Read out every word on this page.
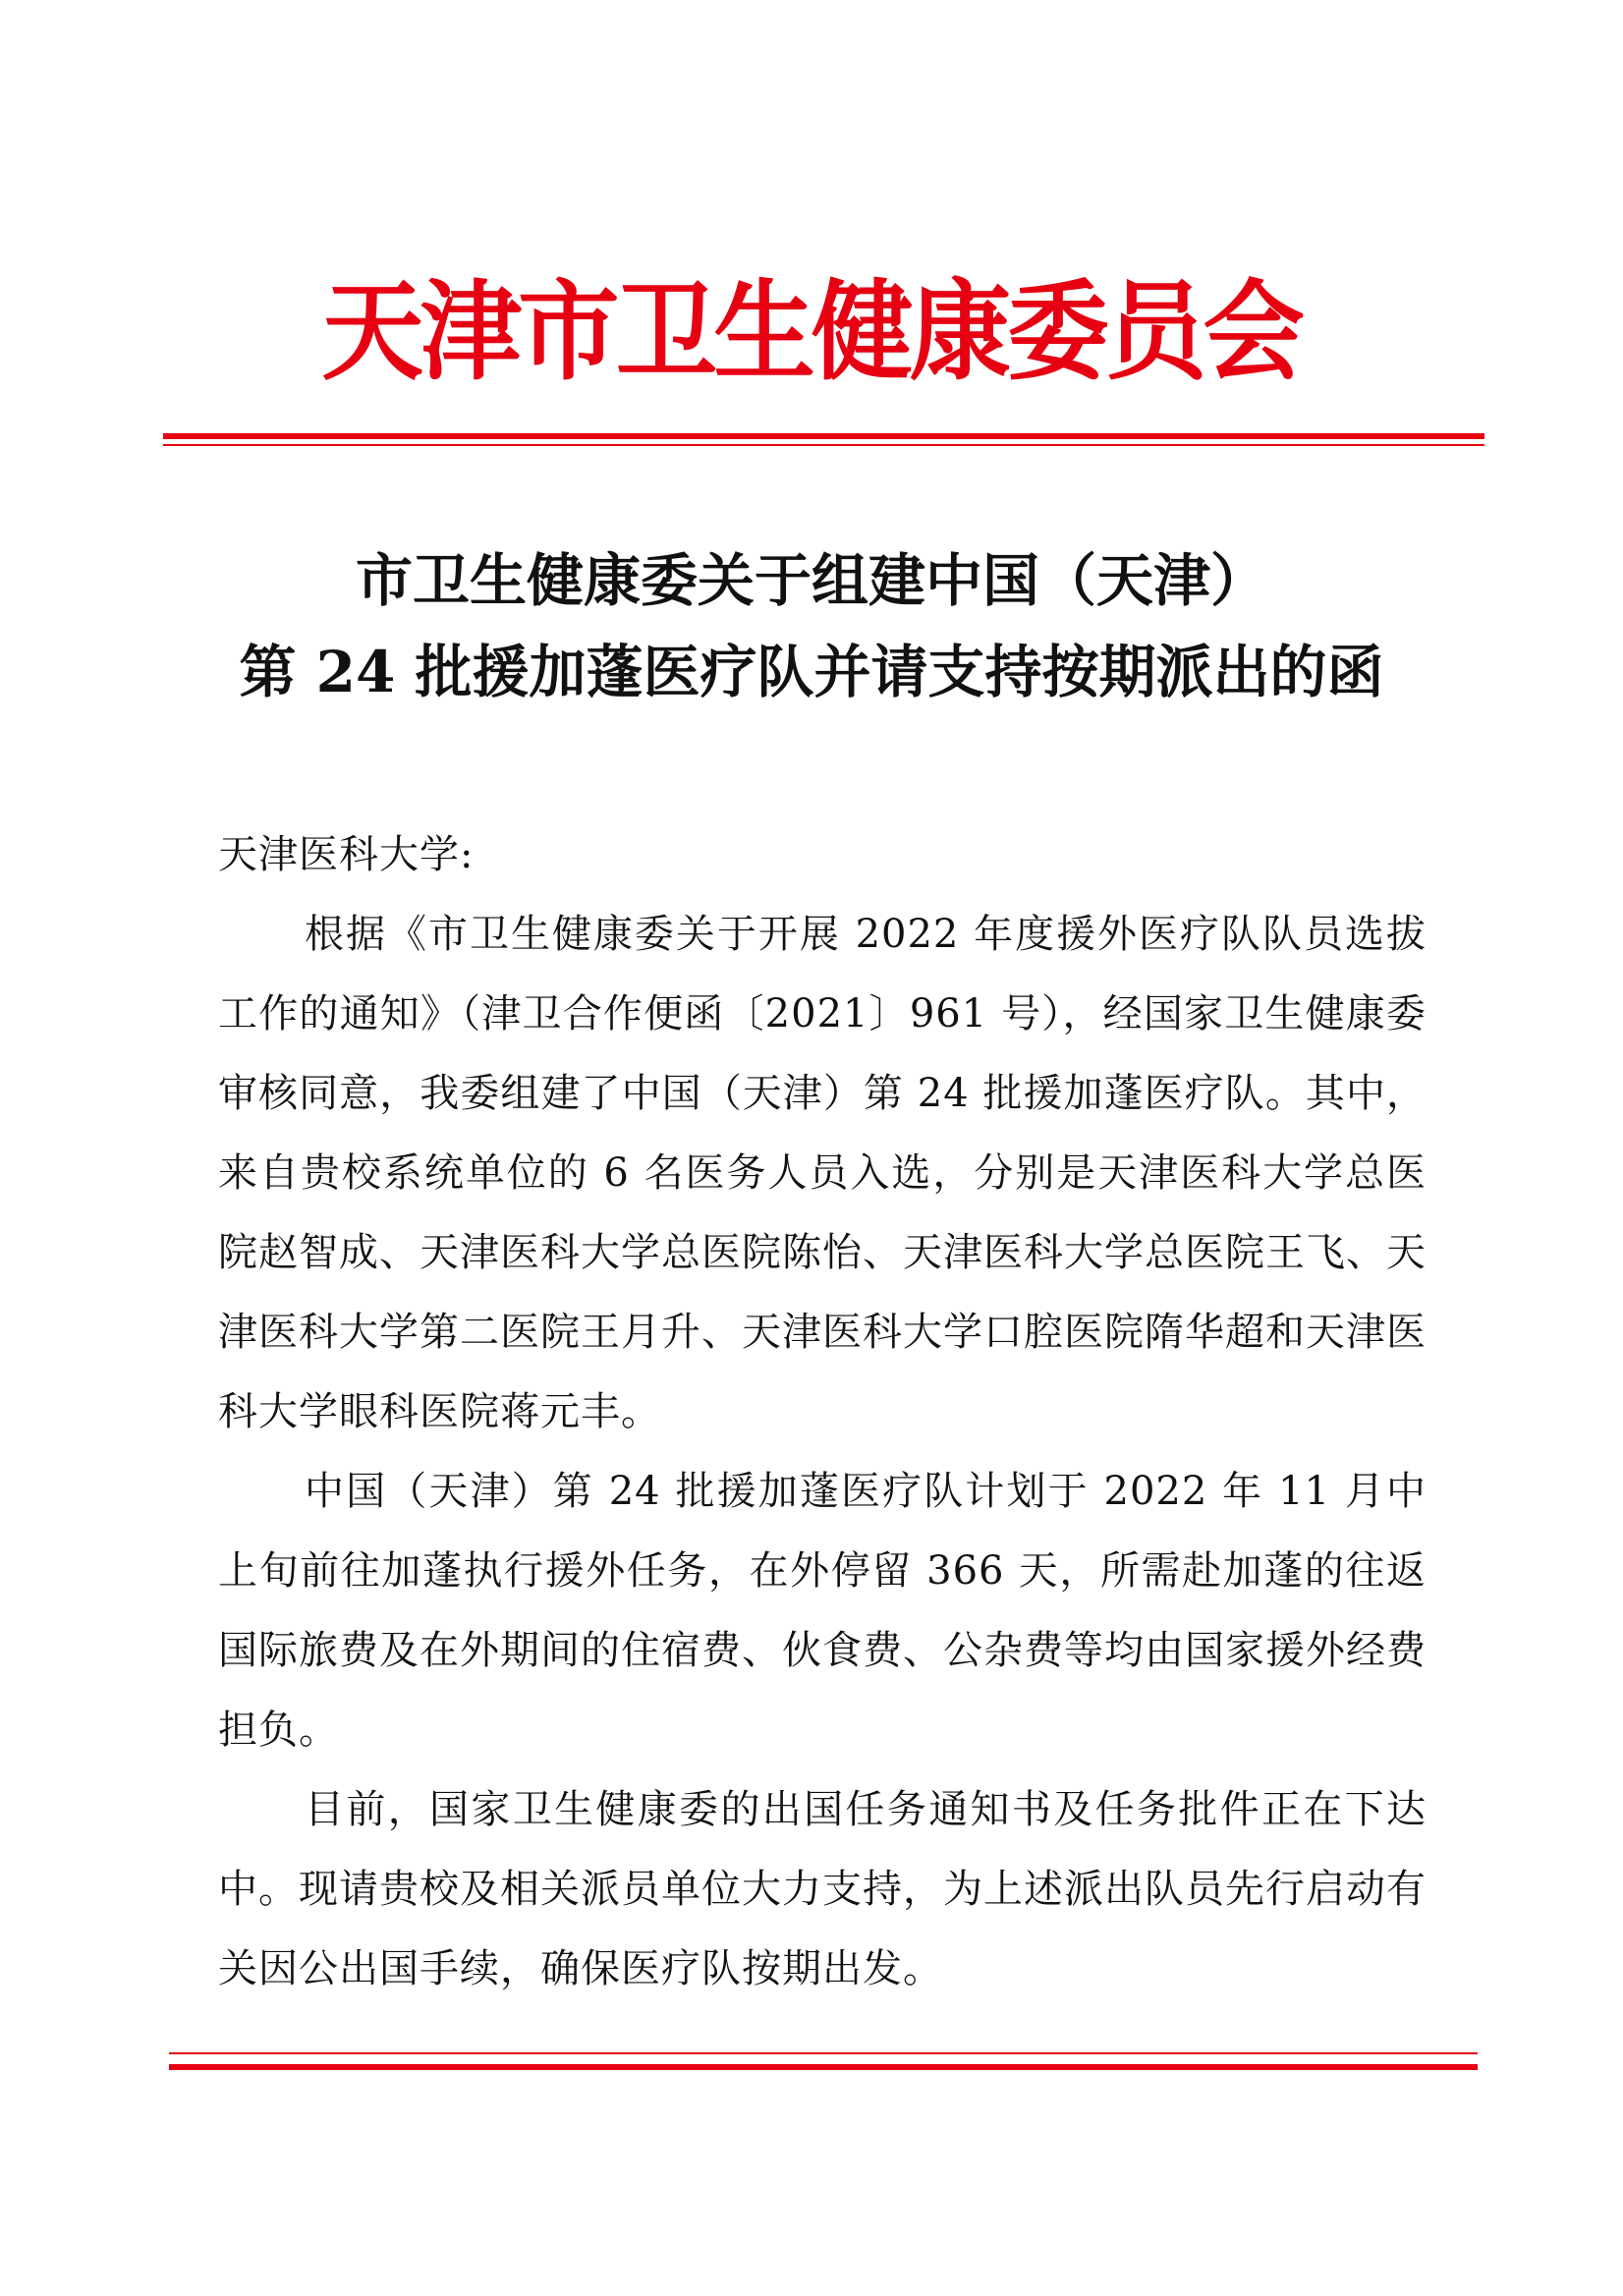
天津市卫生健康委员会
市卫生健康委关于组建中国（天津）
第 24 批援加蓬医疗队并请支持按期派出的函
天津医科大学:

根据《市卫生健康委关于开展 2022 年度援外医疗队队员选拔工作的通知》（津卫合作便函〔2021〕961 号），经国家卫生健康委审核同意，我委组建了中国（天津）第 24 批援加蓬医疗队。其中，来自贵校系统单位的 6 名医务人员入选，分别是天津医科大学总医院赵智成、天津医科大学总医院陈怡、天津医科大学总医院王飞、天津医科大学第二医院王月升、天津医科大学口腔医院隋华超和天津医科大学眼科医院蒋元丰。

中国（天津）第 24 批援加蓬医疗队计划于 2022 年 11 月中上旬前往加蓬执行援外任务，在外停留 366 天，所需赴加蓬的往返国际旅费及在外期间的住宿费、伙食费、公杂费等均由国家援外经费担负。

目前，国家卫生健康委的出国任务通知书及任务批件正在下达中。现请贵校及相关派员单位大力支持，为上述派出队员先行启动有关因公出国手续，确保医疗队按期出发。
